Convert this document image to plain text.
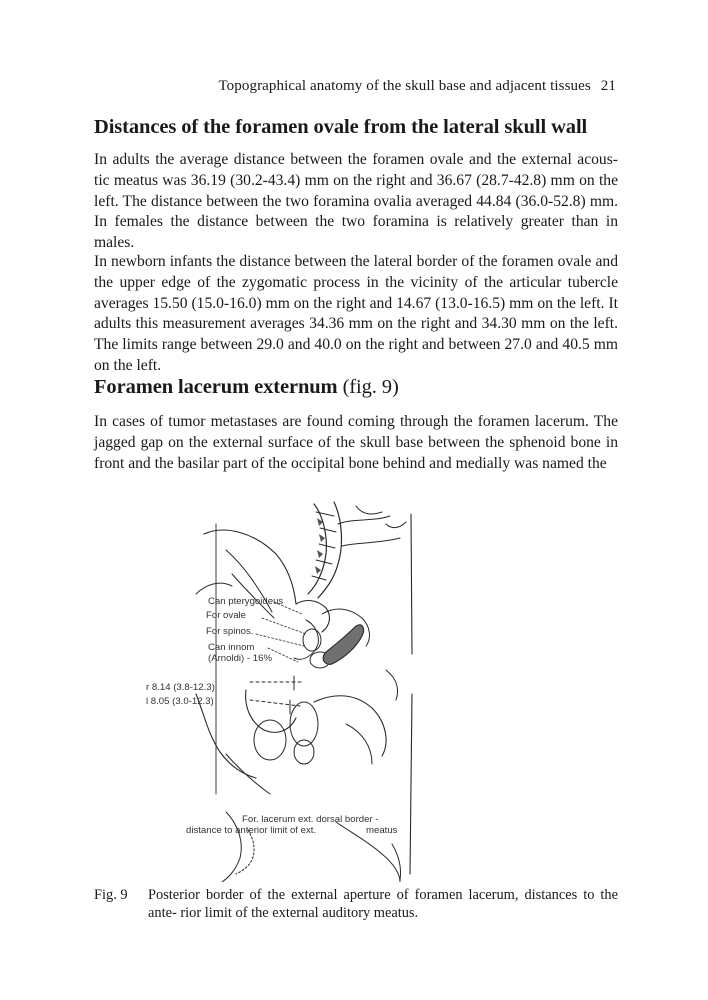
Topographical anatomy of the skull base and adjacent tissues 21
Distances of the foramen ovale from the lateral skull wall

In adults the average distance between the foramen ovale and the external acous- tic meatus was 36.19 (30.2-43.4) mm on the right and 36.67 (28.7-42.8) mm on the left. The distance between the two foramina ovalia averaged 44.84 (36.0-52.8) mm. In females the distance between the two foramina is relatively greater than in males.

In newborn infants the distance between the lateral border of the foramen ovale and the upper edge of the zygomatic process in the vicinity of the articular tubercle averages 15.50 (15.0-16.0) mm on the right and 14.67 (13.0-16.5) mm on the left. It adults this measurement averages 34.36 mm on the right and 34.30 mm on the left. The limits range between 29.0 and 40.0 on the right and between 27.0 and 40.5 mm on the left.

Foramen lacerum externum (fig. 9)

In cases of tumor metastases are found coming through the foramen lacerum. The jagged gap on the external surface of the skull base between the sphenoid bone in front and the basilar part of the occipital bone behind and medially was named the

Can pterygoideus
For ovale
For spinos.
Can innom
(Arnoldi) - 16%
r 8.14 (3.8-12.3)
l 8.05 (3.0-12.3)
For. lacerum ext. dorsal border -
distance to anterior limit of ext.	meatus
Fig. 9 Posterior border of the external aperture of foramen lacerum, distances to the ante- rior limit of the external auditory meatus.
